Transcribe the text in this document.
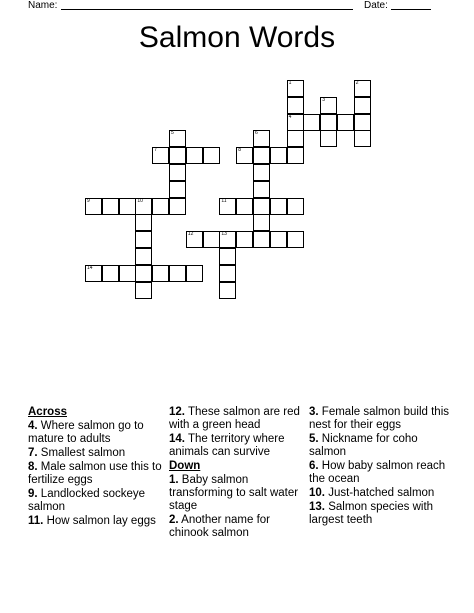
Name:	Date:
Salmon Words
4
7	8
9	10	11
12	13
14
1	2
3
5	6
Across
4. Where salmon go to mature to adults
7. Smallest salmon
8. Male salmon use this to fertilize eggs
9. Landlocked sockeye salmon
11. How salmon lay eggs
12. These salmon are red with a green head
14. The territory where animals can survive
Down
1. Baby salmon transforming to salt water stage
2. Another name for chinook salmon
3. Female salmon build this nest for their eggs
5. Nickname for coho salmon
6. How baby salmon reach the ocean
10. Just-hatched salmon
13. Salmon species with largest teeth
